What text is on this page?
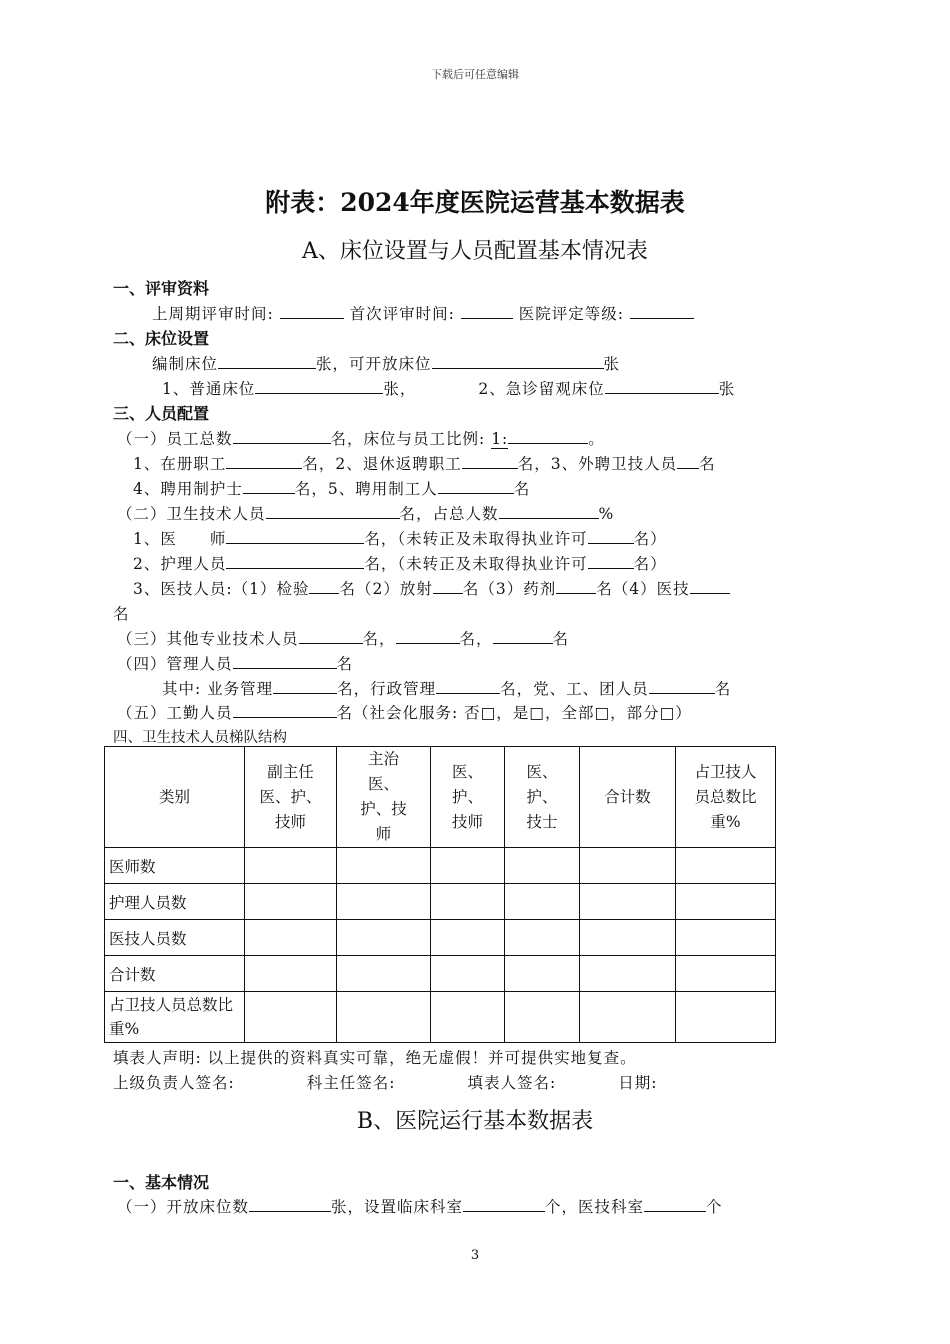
下载后可任意编辑
附表：2024年度医院运营基本数据表
A、床位设置与人员配置基本情况表
一、评审资料
上周期评审时间:	首次评审时间:	医院评定等级:
二、床位设置
编制床位	张，可开放床位	张
1、普通床位	张，	2、急诊留观床位	张
三、人员配置
（一）员工总数	名，床位与员工比例: 1:	。
1、在册职工	名，2、退休返聘职工	名，3、外聘卫技人员 名
4、聘用制护士	名，5、聘用制工人	名
（二）卫生技术人员	名，占总人数	%
1、医　　师	名，（未转正及未取得执业许可	名）
2、护理人员	名，（未转正及未取得执业许可	名）
3、医技人员:（1）检验 名（2）放射 名（3）药剂	名（4）医技
名
（三）其他专业技术人员	名，	名，	名
（四）管理人员	名
其中: 业务管理	名，行政管理	名，党、工、团人员	名
（五）工勤人员	名（社会化服务: 否□，是□，全部□，部分□）
四、卫生技术人员梯队结构
类别	副主任医、护、技师	主治医、护、技师	医、护、技师	医、护、技士	合计数	占卫技人员总数比重%

医师数						
护理人员数						
医技人员数						
合计数						

占卫技人员总数比重%						

填表人声明: 以上提供的资料真实可靠，绝无虚假！并可提供实地复查。
上级负责人签名:	科主任签名:	填表人签名:	日期:
B、医院运行基本数据表
一、基本情况
（一）开放床位数	张，设置临床科室	个，医技科室	个
3
